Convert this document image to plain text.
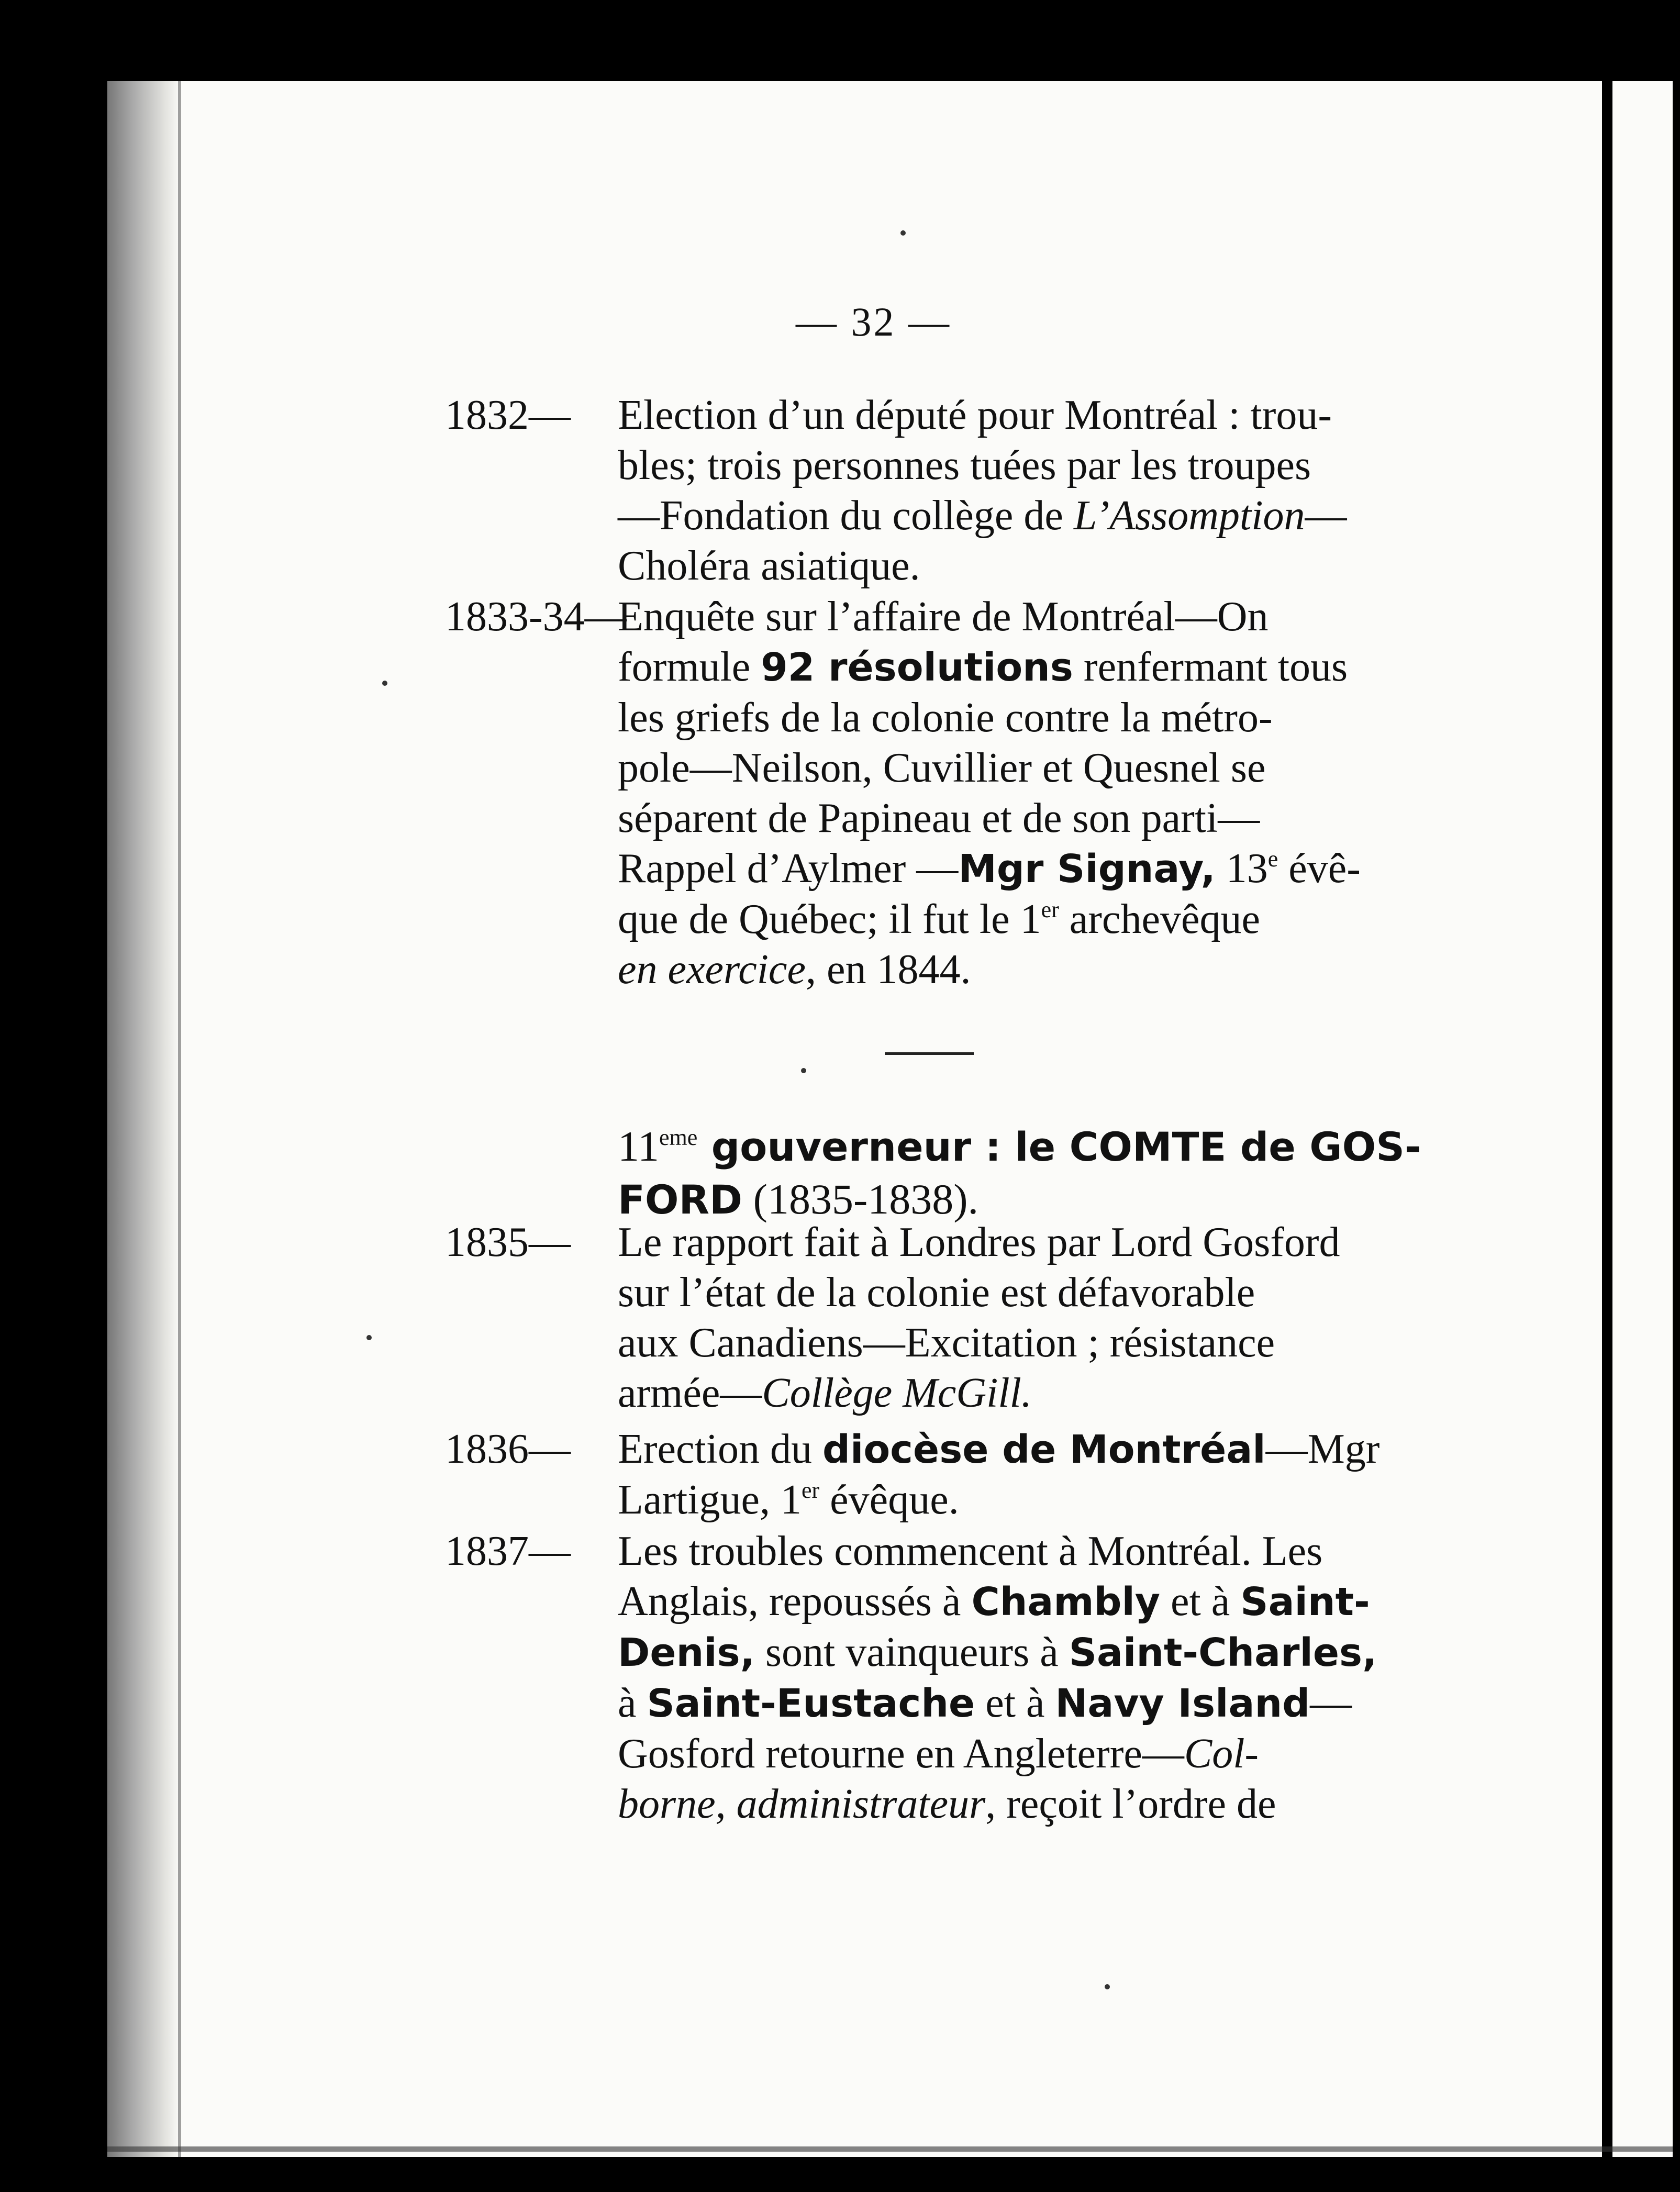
— 32 —
1832— Election d’un député pour Montréal : trou-
bles; trois personnes tuées par les troupes
—Fondation du collège de L’Assomption—
Choléra asiatique.
1833-34—
Enquête sur l’affaire de Montréal—On
formule 92 résolutions renfermant tous
les griefs de la colonie contre la métro-
pole—Neilson, Cuvillier et Quesnel se
séparent de Papineau et de son parti—
Rappel d’Aylmer —Mgr Signay, 13e évê-
que de Québec; il fut le 1er archevêque
en exercice, en 1844.
11eme gouverneur : le COMTE de GOS-
FORD (1835-1838).
1835— Le rapport fait à Londres par Lord Gosford
sur l’état de la colonie est défavorable
aux Canadiens—Excitation ; résistance
armée—Collège McGill.
1836— Erection du diocèse de Montréal—Mgr
Lartigue, 1er évêque.
1837— Les troubles commencent à Montréal. Les
Anglais, repoussés à Chambly et à Saint-
Denis, sont vainqueurs à Saint-Charles,
à Saint-Eustache et à Navy Island—
Gosford retourne en Angleterre—Col-
borne, administrateur, reçoit l’ordre de
